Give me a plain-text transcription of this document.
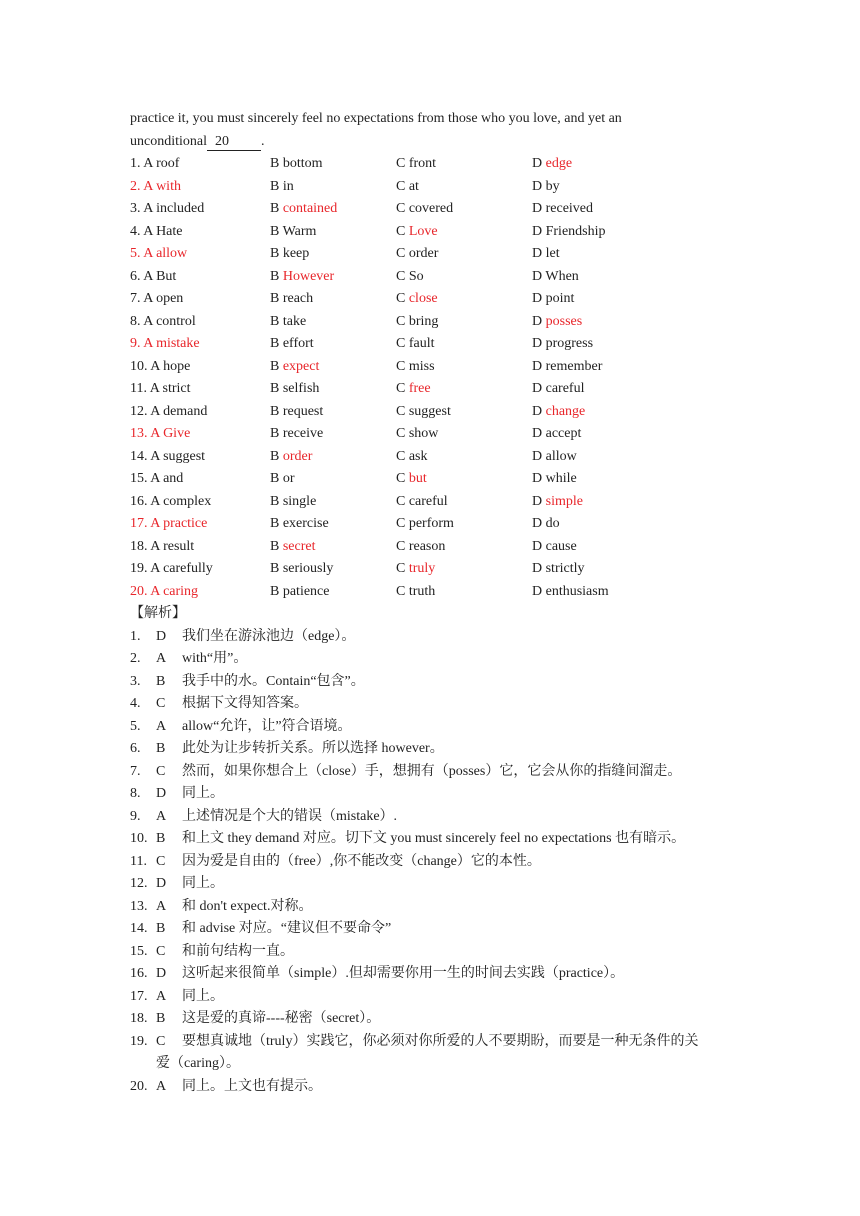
practice it, you must sincerely feel no expectations from those who you love, and yet an
unconditional 20 .
1. A roof	B bottom	C front	D edge
2. A with	B in	C at	D by
3. A included	B contained	C covered	D received
4. A Hate	B Warm	C Love	D Friendship
5. A allow	B keep	C order	D let
6. A But	B However	C So	D When
7. A open	B reach	C close	D point
8. A control	B take	C bring	D posses
9. A mistake	B effort	C fault	D progress
10. A hope	B expect	C miss	D remember
11. A strict	B selfish	C free	D careful
12. A demand	B request	C suggest	D change
13. A Give	B receive	C show	D accept
14. A suggest	B order	C ask	D allow
15. A and	B or	C but	D while
16. A complex	B single	C careful	D simple
17. A practice	B exercise	C perform	D do
18. A result	B secret	C reason	D cause
19. A carefully	B seriously	C truly	D strictly
20. A caring	B patience	C truth	D enthusiasm
【解析】
1. D 我们坐在游泳池边（edge）。
2. A with“用”。
3. B 我手中的水。Contain“包含”。
4. C 根据下文得知答案。
5. A allow“允许，让”符合语境。
6. B 此处为让步转折关系。所以选择 however。
7. C 然而，如果你想合上（close）手，想拥有（posses）它，它会从你的指缝间溜走。
8. D 同上。
9. A 上述情况是个大的错误（mistake）.
10. B 和上文 they demand 对应。切下文 you must sincerely feel no expectations 也有暗示。
11. C 因为爱是自由的（free）,你不能改变（change）它的本性。
12. D 同上。
13. A 和 don't expect.对称。
14. B 和 advise 对应。“建议但不要命令”
15. C 和前句结构一直。
16. D 这听起来很简单（simple）.但却需要你用一生的时间去实践（practice）。
17. A 同上。
18. B 这是爱的真谛----秘密（secret）。
19. C 要想真诚地（truly）实践它，你必须对你所爱的人不要期盼，而要是一种无条件的关
爱（caring）。
20. A 同上。上文也有提示。
